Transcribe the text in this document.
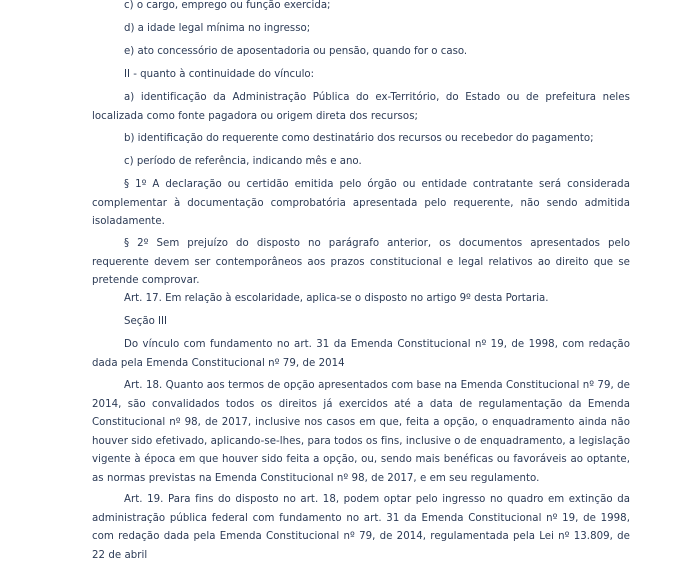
c) o cargo, emprego ou função exercida;

d) a idade legal mínima no ingresso;

e) ato concessório de aposentadoria ou pensão, quando for o caso.

II - quanto à continuidade do vínculo:

a) identificação da Administração Pública do ex-Território, do Estado ou de prefeitura neles localizada como fonte pagadora ou origem direta dos recursos;

b) identificação do requerente como destinatário dos recursos ou recebedor do pagamento;

c) período de referência, indicando mês e ano.

§ 1º A declaração ou certidão emitida pelo órgão ou entidade contratante será considerada complementar à documentação comprobatória apresentada pelo requerente, não sendo admitida isoladamente.

§ 2º Sem prejuízo do disposto no parágrafo anterior, os documentos apresentados pelo requerente devem ser contemporâneos aos prazos constitucional e legal relativos ao direito que se pretende comprovar.

Art. 17. Em relação à escolaridade, aplica-se o disposto no artigo 9º desta Portaria.

Seção III

Do vínculo com fundamento no art. 31 da Emenda Constitucional nº 19, de 1998, com redação dada pela Emenda Constitucional nº 79, de 2014

Art. 18. Quanto aos termos de opção apresentados com base na Emenda Constitucional nº 79, de 2014, são convalidados todos os direitos já exercidos até a data de regulamentação da Emenda Constitucional nº 98, de 2017, inclusive nos casos em que, feita a opção, o enquadramento ainda não houver sido efetivado, aplicando-se-lhes, para todos os fins, inclusive o de enquadramento, a legislação vigente à época em que houver sido feita a opção, ou, sendo mais benéficas ou favoráveis ao optante, as normas previstas na Emenda Constitucional nº 98, de 2017, e em seu regulamento.

Art. 19. Para fins do disposto no art. 18, podem optar pelo ingresso no quadro em extinção da administração pública federal com fundamento no art. 31 da Emenda Constitucional nº 19, de 1998, com redação dada pela Emenda Constitucional nº 79, de 2014, regulamentada pela Lei nº 13.809, de 22 de abril
